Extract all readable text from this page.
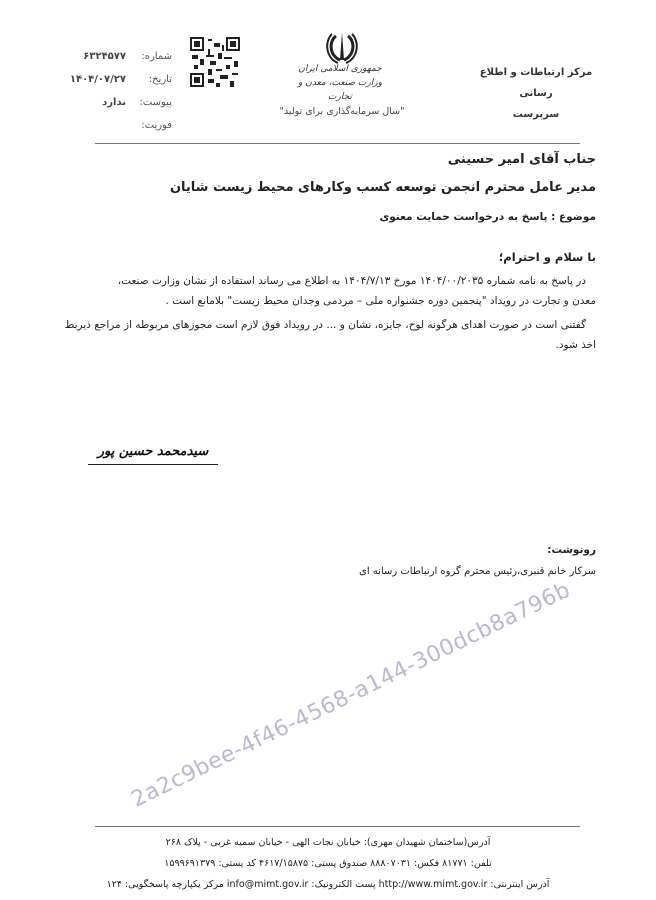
مرکز ارتباطات و اطلاع رسانی
سرپرست
جمهوری اسلامی ایران
وزارت صنعت، معدن و تجارت
"سال سرمایه‌گذاری برای تولید"
شماره:
۶۳۲۴۵۷۷
تاریخ:
۱۴۰۴/۰۷/۲۷
پیوست:
ندارد
فوریت:
جناب آقای امیر حسینی
مدیر عامل محترم انجمن توسعه کسب وکارهای محیط زیست شایان
موضوع : پاسخ به درخواست حمایت معنوی
با سلام و احترام؛
در پاسخ به نامه شماره ۱۴۰۴/۰۰/۲۰۳۵ مورخ ۱۴۰۴/۷/۱۳ به اطلاع می رساند استفاده از نشان وزارت صنعت،
معدن و تجارت در رویداد "پنجمین دوره جشنواره ملی – مردمی وجدان محیط زیست" بلامانع است .
گفتنی است در صورت اهدای هرگونه لوح، جایزه، نشان و ... در رویداد فوق لازم است مجوزهای مربوطه از مراجع ذیربط
اخذ شود.
سیدمحمد حسین پور
رونوشت:
سرکار خانم قنبری،رئیس محترم گروه ارتباطات رسانه ای
2a2c9bee-4f46-4568-a144-300dcb8a796b
آدرس(ساختمان شهیدان مهری): خیابان نجات الهی - خیابان سمیه غربی - پلاک ۲۶۸
تلفن: ۸۱۷۷۱ فکس: ۸۸۸۰۷۰۳۱ صندوق پستی: ۴۶۱۷/۱۵۸۷۵ کد پستی: ۱۵۹۹۶۹۱۳۷۹
آدرس اینترنتی: http://www.mimt.gov.ir پست الکترونیک: info@mimt.gov.ir مرکز یکپارچه پاسخگویی: ۱۲۴
